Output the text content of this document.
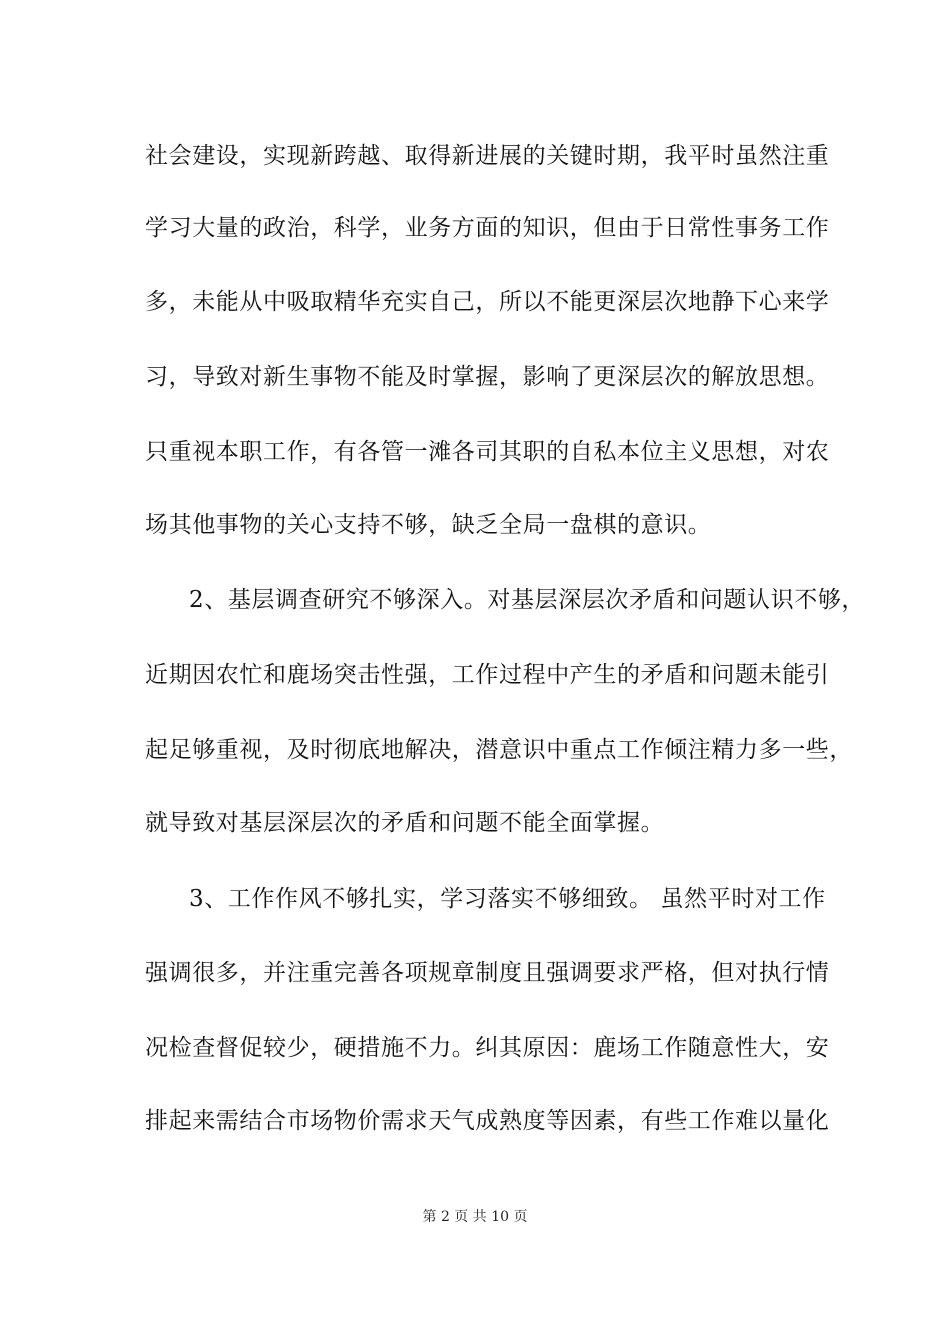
社会建设，实现新跨越、取得新进展的关键时期，我平时虽然注重
学习大量的政治，科学，业务方面的知识，但由于日常性事务工作
多，未能从中吸取精华充实自己，所以不能更深层次地静下心来学
习，导致对新生事物不能及时掌握，影响了更深层次的解放思想。
只重视本职工作，有各管一滩各司其职的自私本位主义思想，对农
场其他事物的关心支持不够，缺乏全局一盘棋的意识。
2、基层调查研究不够深入。对基层深层次矛盾和问题认识不够，
近期因农忙和鹿场突击性强，工作过程中产生的矛盾和问题未能引
起足够重视，及时彻底地解决，潜意识中重点工作倾注精力多一些，
就导致对基层深层次的矛盾和问题不能全面掌握。
3、工作作风不够扎实，学习落实不够细致。 虽然平时对工作
强调很多，并注重完善各项规章制度且强调要求严格，但对执行情
况检查督促较少，硬措施不力。纠其原因：鹿场工作随意性大，安
排起来需结合市场物价需求天气成熟度等因素，有些工作难以量化
第 2 页 共 10 页
